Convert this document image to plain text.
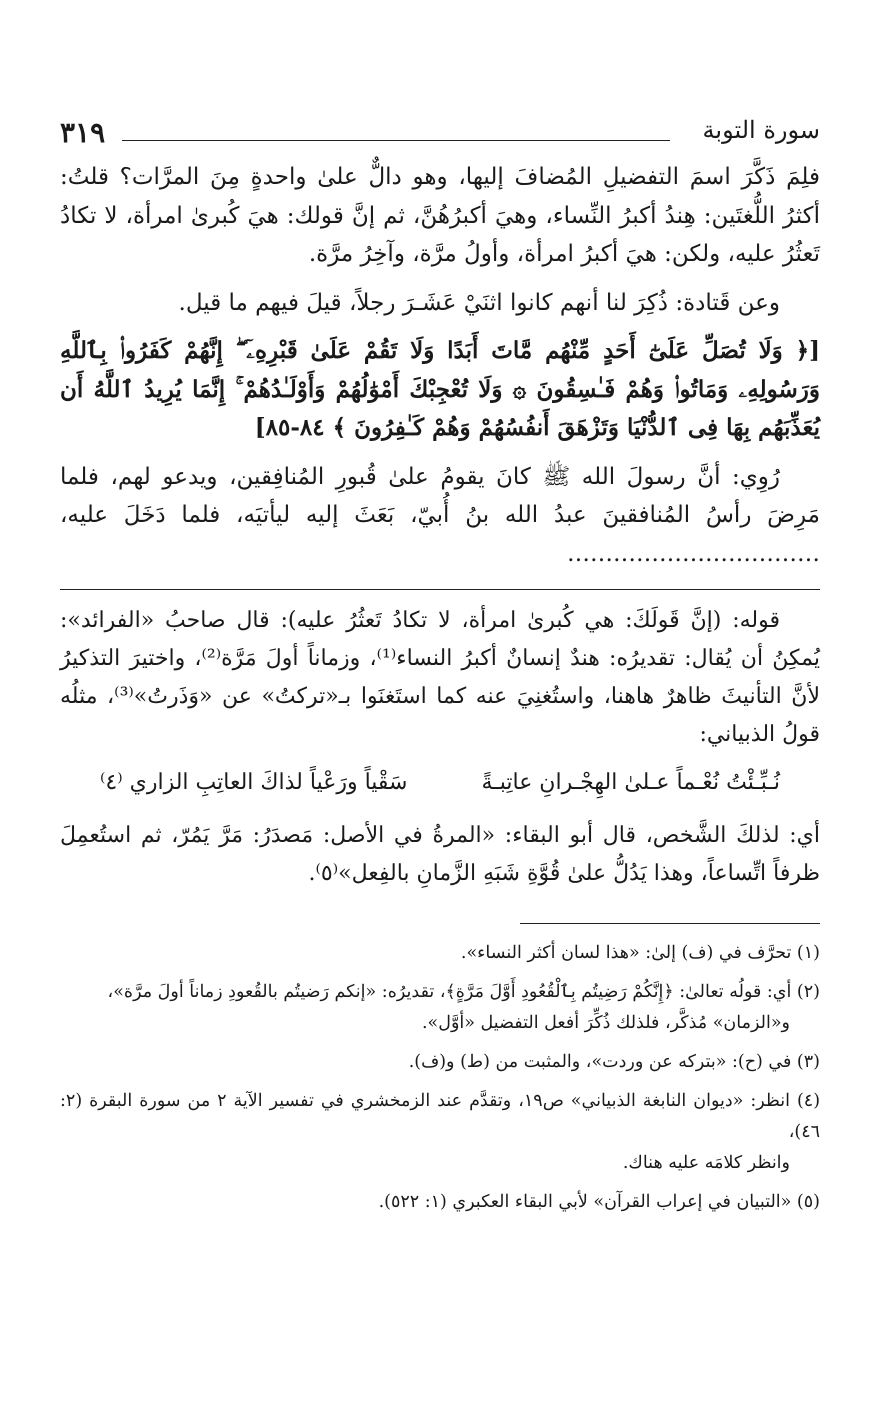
سورة التوبة
٣١٩

فلِمَ ذَكَّرَ اسمَ التفضيلِ المُضافَ إليها، وهو دالٌّ علىٰ واحدةٍ مِنَ المرَّات؟ قلتُ: أكثرُ اللُّغتَين: هِندُ أكبرُ النِّساء، وهيَ أكبرُهُنَّ، ثم إنَّ قولك: هيَ كُبرىٰ امرأة، لا تكادُ تَعثُرُ عليه، ولكن: هيَ أكبرُ امرأة، وأولُ مرَّة، وآخِرُ مرَّة.

وعن قَتادة: ذُكِرَ لنا أنهم كانوا اثنَيْ عَشَـرَ رجلاً، قيلَ فيهم ما قيل.

[﴿ وَلَا تُصَلِّ عَلَىٰٓ أَحَدٍ مِّنْهُم مَّاتَ أَبَدًا وَلَا تَقُمْ عَلَىٰ قَبْرِهِۦٓ ۖ إِنَّهُمْ كَفَرُوا۟ بِٱللَّهِ وَرَسُولِهِۦ وَمَاتُوا۟ وَهُمْ فَـٰسِقُونَ ۞ وَلَا تُعْجِبْكَ أَمْوَٰلُهُمْ وَأَوْلَـٰدُهُمْ ۚ إِنَّمَا يُرِيدُ ٱللَّهُ أَن يُعَذِّبَهُم بِهَا فِى ٱلدُّنْيَا وَتَزْهَقَ أَنفُسُهُمْ وَهُمْ كَـٰفِرُونَ ﴾ ٨٤-٨٥]

رُوِي: أنَّ رسولَ الله ﷺ كانَ يقومُ علىٰ قُبورِ المُنافِقين، ويدعو لهم، فلما مَرِضَ رأسُ المُنافقينَ عبدُ الله بنُ أُبيّ، بَعَثَ إليه ليأتيَه، فلما دَخَلَ عليه، ……………………………

قوله: (إنَّ قَولَكَ: هي كُبرىٰ امرأة، لا تكادُ تَعثُرُ عليه): قال صاحبُ «الفرائد»: يُمكِنُ أن يُقال: تقديرُه: هندٌ إنسانٌ أكبرُ النساء⁽¹⁾، وزماناً أولَ مَرَّة⁽²⁾، واختيرَ التذكيرُ لأنَّ التأنيثَ ظاهرٌ هاهنا، واستُغنِيَ عنه كما استَغنَوا بـ«تركتُ» عن «وَذَرتُ»⁽³⁾، مثلُه قولُ الذبياني:

نُـبِّـئْتُ نُعْـماً عـلىٰ الهِجْـرانِ عاتِبـةً
سَقْياً ورَعْياً لذاكَ العاتِبِ الزاري ⁽٤⁾

أي: لذلكَ الشَّخص، قال أبو البقاء: «المرةُ في الأصل: مَصدَرُ: مَرَّ يَمُرّ، ثم استُعمِلَ ظرفاً اتِّساعاً، وهذا يَدُلُّ علىٰ قُوَّةِ شَبَهِ الزَّمانِ بالفِعل»⁽٥⁾.

(١) تحرَّف في (ف) إلىٰ: «هذا لسان أكثر النساء».

(٢) أي: قولُه تعالىٰ: ﴿إِنَّكُمْ رَضِيتُم بِٱلْقُعُودِ أَوَّلَ مَرَّةٍ﴾، تقديرُه: «إنكم رَضيتُم بالقُعودِ زماناً أولَ مرَّة»،

و«الزمان» مُذكَّر، فلذلك ذُكِّرَ أفعل التفضيل «أوَّل».

(٣) في (ح): «بتركه عن وردت»، والمثبت من (ط) و(ف).

(٤) انظر: «ديوان النابغة الذبياني» ص١٩، وتقدَّم عند الزمخشري في تفسير الآية ٢ من سورة البقرة (٢: ٤٦)،

وانظر كلامَه عليه هناك.

(٥) «التبيان في إعراب القرآن» لأبي البقاء العكبري (١: ٥٢٢).
